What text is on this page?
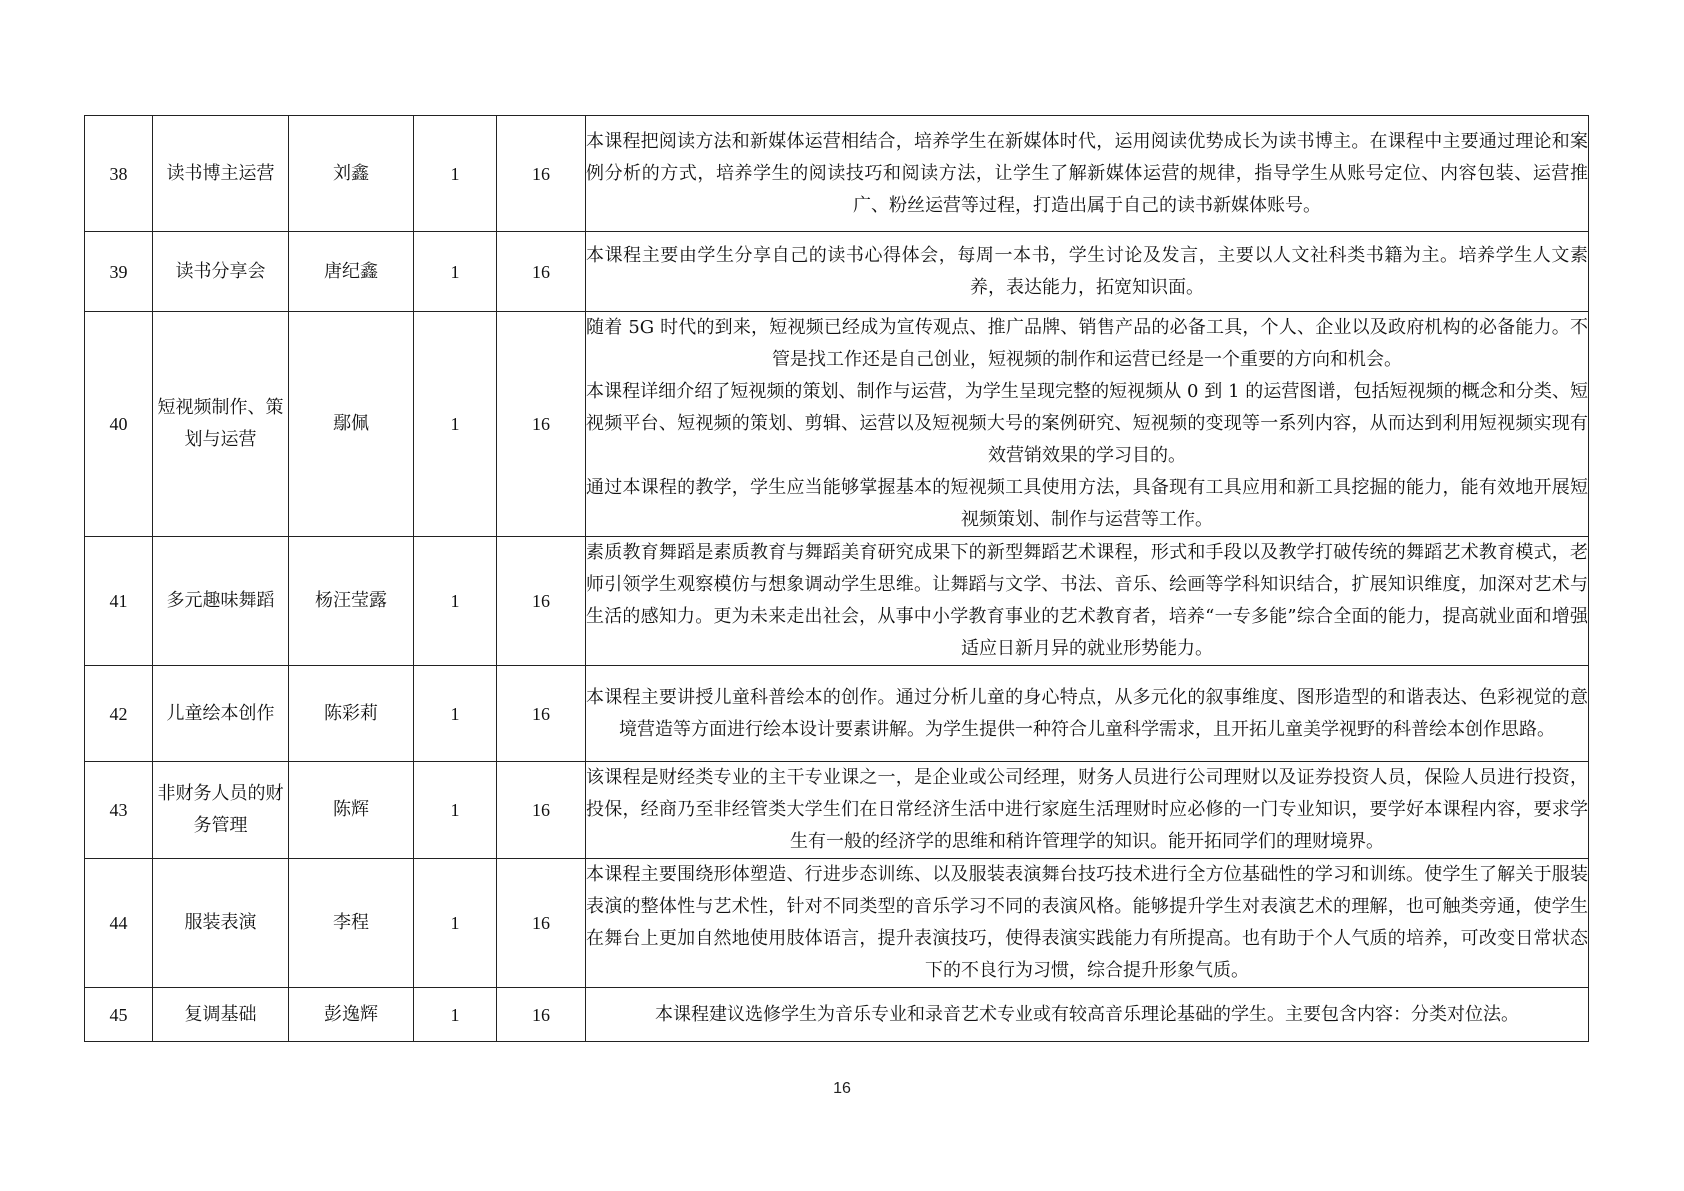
38	读书博主运营	刘鑫	1	16	本课程把阅读方法和新媒体运营相结合，培养学生在新媒体时代，运用阅读优势成长为读书博主。在课程中主要通过理论和案例分析的方式，培养学生的阅读技巧和阅读方法，让学生了解新媒体运营的规律，指导学生从账号定位、内容包装、运营推广、粉丝运营等过程，打造出属于自己的读书新媒体账号。

39	读书分享会	唐纪鑫	1	16	本课程主要由学生分享自己的读书心得体会，每周一本书，学生讨论及发言，主要以人文社科类书籍为主。培养学生人文素养，表达能力，拓宽知识面。

40	短视频制作、策划与运营	鄢佩	1	16	随着 5G 时代的到来，短视频已经成为宣传观点、推广品牌、销售产品的必备工具，个人、企业以及政府机构的必备能力。不管是找工作还是自己创业，短视频的制作和运营已经是一个重要的方向和机会。

本课程详细介绍了短视频的策划、制作与运营，为学生呈现完整的短视频从 0 到 1 的运营图谱，包括短视频的概念和分类、短视频平台、短视频的策划、剪辑、运营以及短视频大号的案例研究、短视频的变现等一系列内容，从而达到利用短视频实现有效营销效果的学习目的。

通过本课程的教学，学生应当能够掌握基本的短视频工具使用方法，具备现有工具应用和新工具挖掘的能力，能有效地开展短视频策划、制作与运营等工作。

41	多元趣味舞蹈	杨汪莹露	1	16	素质教育舞蹈是素质教育与舞蹈美育研究成果下的新型舞蹈艺术课程，形式和手段以及教学打破传统的舞蹈艺术教育模式，老师引领学生观察模仿与想象调动学生思维。让舞蹈与文学、书法、音乐、绘画等学科知识结合，扩展知识维度，加深对艺术与生活的感知力。更为未来走出社会，从事中小学教育事业的艺术教育者，培养“一专多能”综合全面的能力，提高就业面和增强适应日新月异的就业形势能力。

42	儿童绘本创作	陈彩莉	1	16	本课程主要讲授儿童科普绘本的创作。通过分析儿童的身心特点，从多元化的叙事维度、图形造型的和谐表达、色彩视觉的意境营造等方面进行绘本设计要素讲解。为学生提供一种符合儿童科学需求，且开拓儿童美学视野的科普绘本创作思路。

43	非财务人员的财务管理	陈辉	1	16	该课程是财经类专业的主干专业课之一，是企业或公司经理，财务人员进行公司理财以及证券投资人员，保险人员进行投资，投保，经商乃至非经管类大学生们在日常经济生活中进行家庭生活理财时应必修的一门专业知识，要学好本课程内容，要求学生有一般的经济学的思维和稍许管理学的知识。能开拓同学们的理财境界。

44	服装表演	李程	1	16	本课程主要围绕形体塑造、行进步态训练、以及服装表演舞台技巧技术进行全方位基础性的学习和训练。使学生了解关于服装表演的整体性与艺术性，针对不同类型的音乐学习不同的表演风格。能够提升学生对表演艺术的理解，也可触类旁通，使学生在舞台上更加自然地使用肢体语言，提升表演技巧，使得表演实践能力有所提高。也有助于个人气质的培养，可改变日常状态下的不良行为习惯，综合提升形象气质。

45	复调基础	彭逸辉	1	16	本课程建议选修学生为音乐专业和录音艺术专业或有较高音乐理论基础的学生。主要包含内容：分类对位法。

16
